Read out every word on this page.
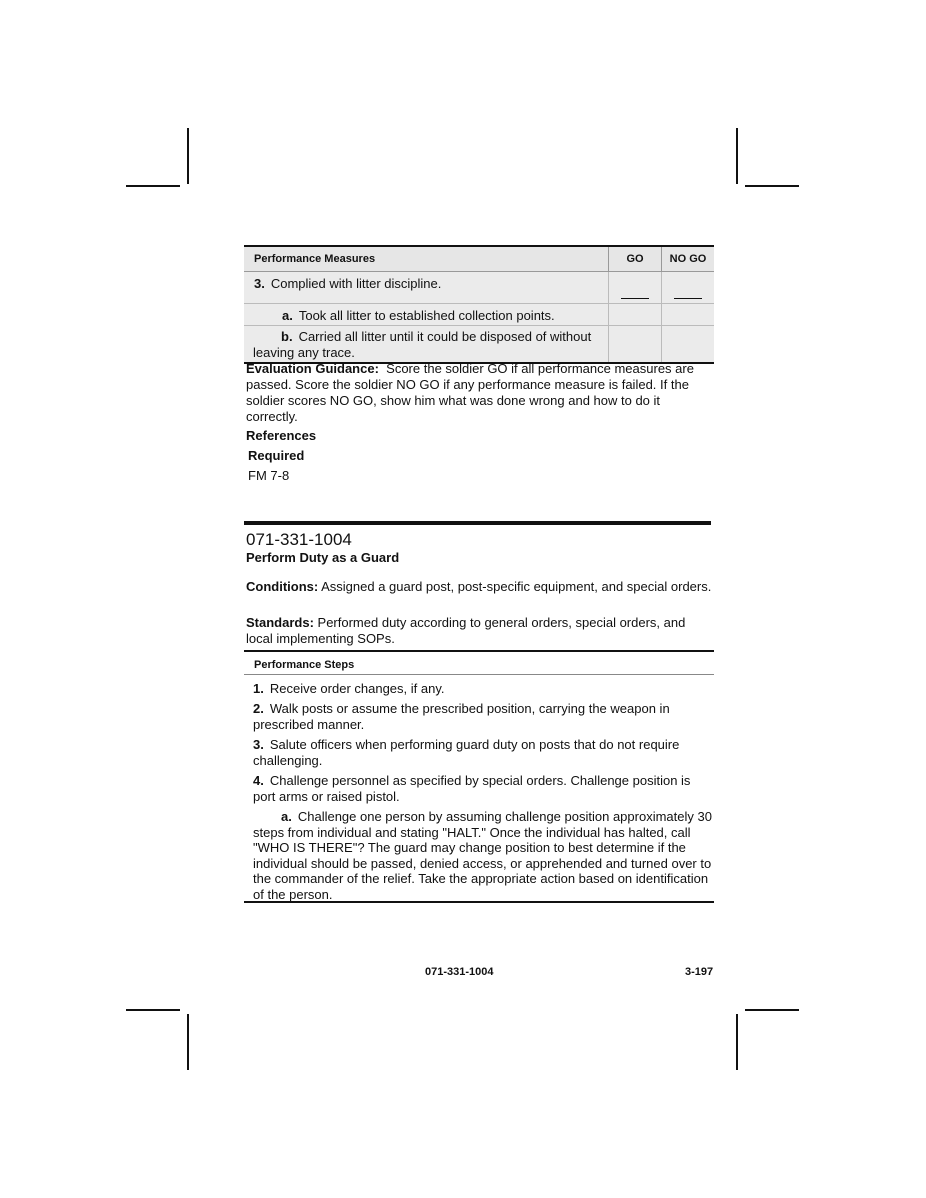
Performance Measures	GO	NO GO
3. Complied with litter discipline.		
a. Took all litter to established collection points.		
b. Carried all litter until it could be disposed of without leaving any trace.		
Evaluation Guidance: Score the soldier GO if all performance measures are passed. Score the soldier NO GO if any performance measure is failed. If the soldier scores NO GO, show him what was done wrong and how to do it correctly.
References
Required
FM 7-8
071-331-1004
Perform Duty as a Guard
Conditions: Assigned a guard post, post-specific equipment, and special orders.
Standards: Performed duty according to general orders, special orders, and local implementing SOPs.
Performance Steps

1. Receive order changes, if any.

2. Walk posts or assume the prescribed position, carrying the weapon in prescribed manner.

3. Salute officers when performing guard duty on posts that do not require challenging.

4. Challenge personnel as specified by special orders. Challenge position is port arms or raised pistol.

a. Challenge one person by assuming challenge position approximately 30 steps from individual and stating "HALT." Once the individual has halted, call "WHO IS THERE"? The guard may change position to best determine if the individual should be passed, denied access, or apprehended and turned over to the commander of the relief. Take the appropriate action based on identification of the person.

071-331-1004	3-197
